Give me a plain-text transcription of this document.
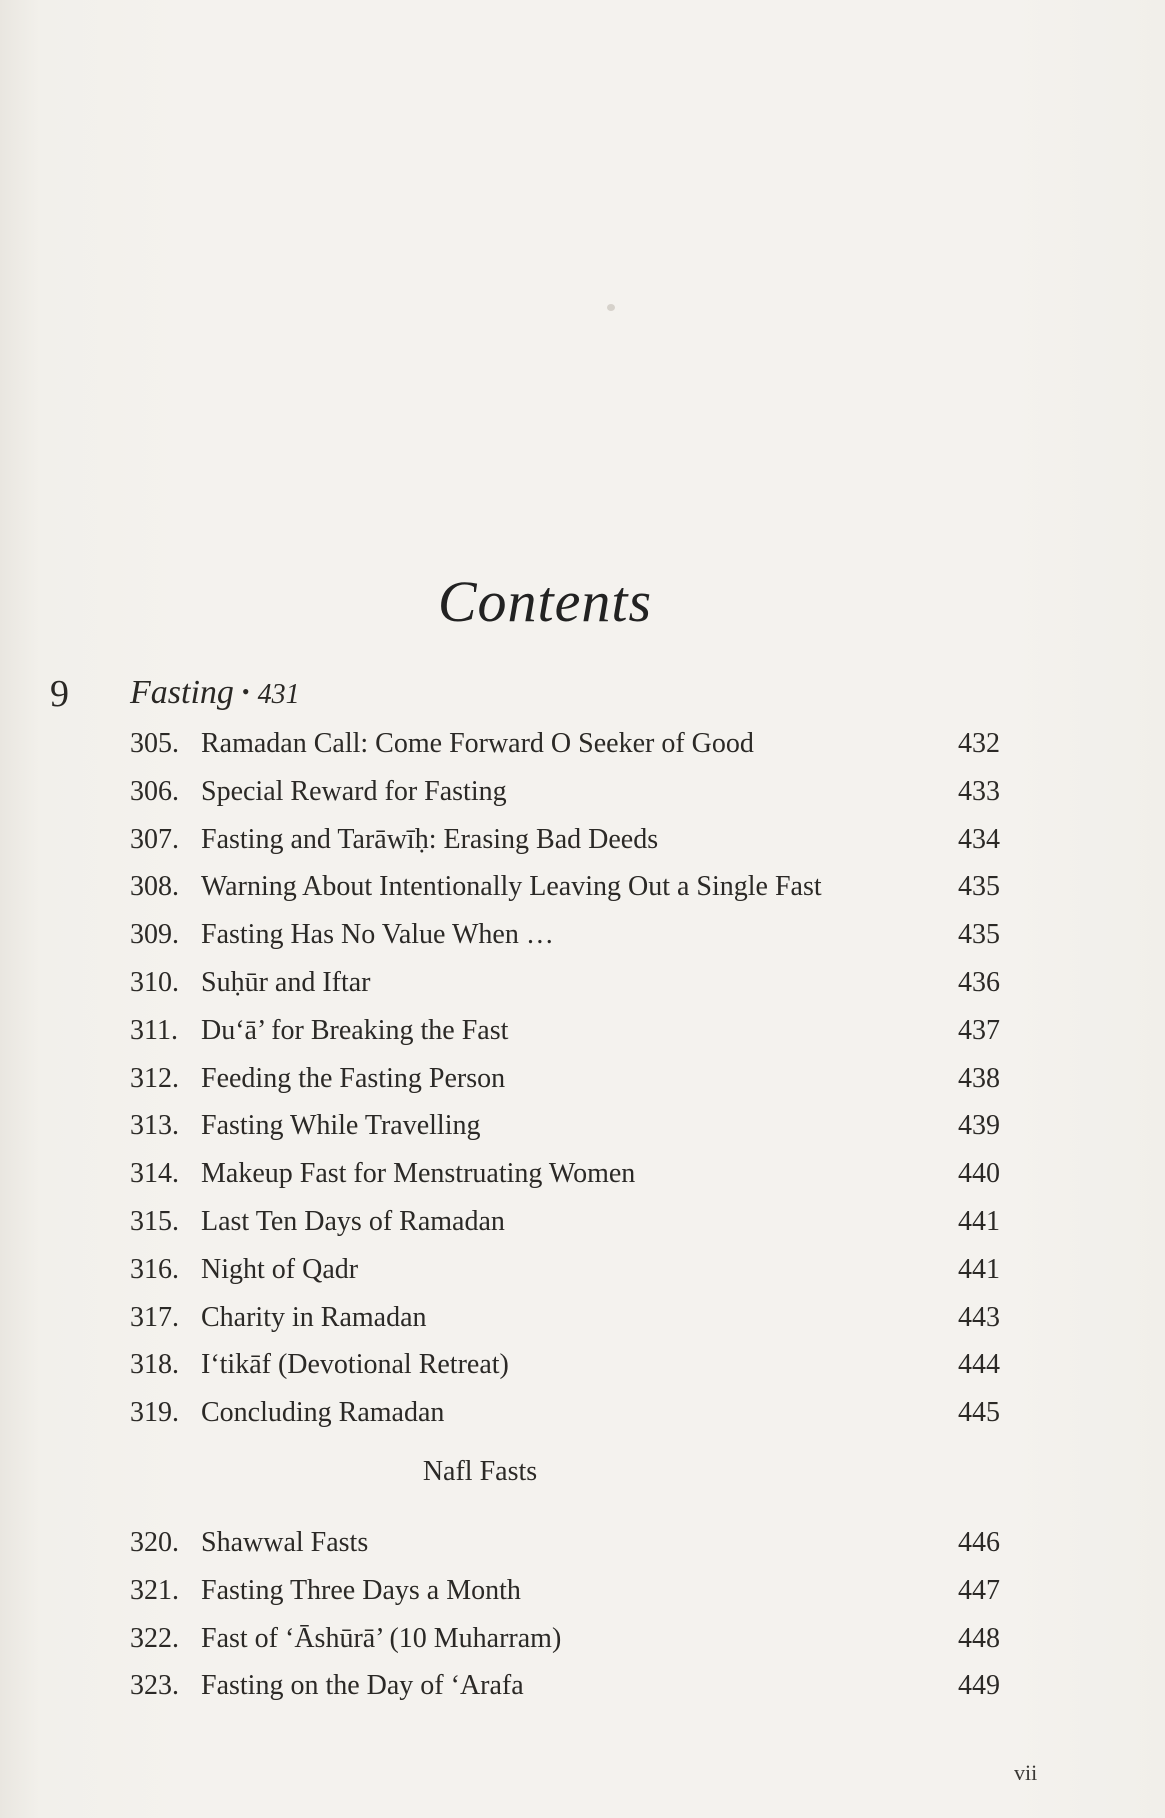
Contents
9 Fasting • 431
305. Ramadan Call: Come Forward O Seeker of Good	432
306. Special Reward for Fasting	433
307. Fasting and Tarāwīḥ: Erasing Bad Deeds	434
308. Warning About Intentionally Leaving Out a Single Fast	435
309. Fasting Has No Value When …	435
310. Suḥūr and Iftar	436
311. Du‘ā’ for Breaking the Fast	437
312. Feeding the Fasting Person	438
313. Fasting While Travelling	439
314. Makeup Fast for Menstruating Women	440
315. Last Ten Days of Ramadan	441
316. Night of Qadr	441
317. Charity in Ramadan	443
318. I‘tikāf (Devotional Retreat)	444
319. Concluding Ramadan	445
Nafl Fasts
320. Shawwal Fasts	446
321. Fasting Three Days a Month	447
322. Fast of ‘Āshūrā’ (10 Muharram)	448
323. Fasting on the Day of ‘Arafa	449
vii
